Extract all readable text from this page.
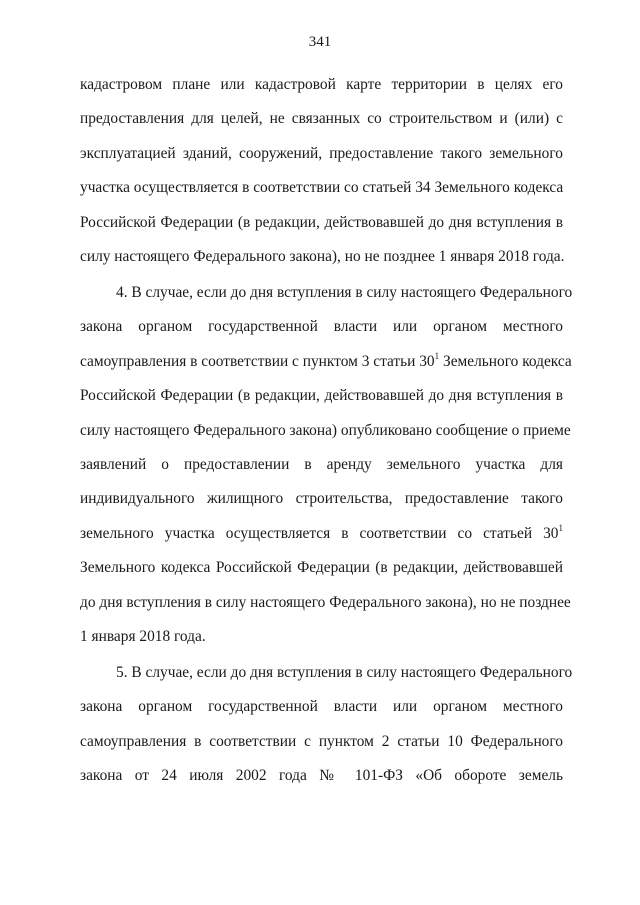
341
кадастровом плане или кадастровой карте территории в целях его
предоставления для целей, не связанных со строительством и (или) с
эксплуатацией зданий, сооружений, предоставление такого земельного
участка осуществляется в соответствии со статьей 34 Земельного кодекса
Российской Федерации (в редакции, действовавшей до дня вступления в
силу настоящего Федерального закона), но не позднее 1 января 2018 года.
4. В случае, если до дня вступления в силу настоящего Федерального
закона органом государственной власти или органом местного
самоуправления в соответствии с пунктом 3 статьи $30^1$ Земельного кодекса
Российской Федерации (в редакции, действовавшей до дня вступления в
силу настоящего Федерального закона) опубликовано сообщение о приеме
заявлений о предоставлении в аренду земельного участка для
индивидуального жилищного строительства, предоставление такого
земельного участка осуществляется в соответствии со статьей $30^1$
Земельного кодекса Российской Федерации (в редакции, действовавшей
до дня вступления в силу настоящего Федерального закона), но не позднее
1 января 2018 года.
5. В случае, если до дня вступления в силу настоящего Федерального
закона органом государственной власти или органом местного
самоуправления в соответствии с пунктом 2 статьи 10 Федерального
закона от 24 июля 2002 года № 101-ФЗ «Об обороте земель
